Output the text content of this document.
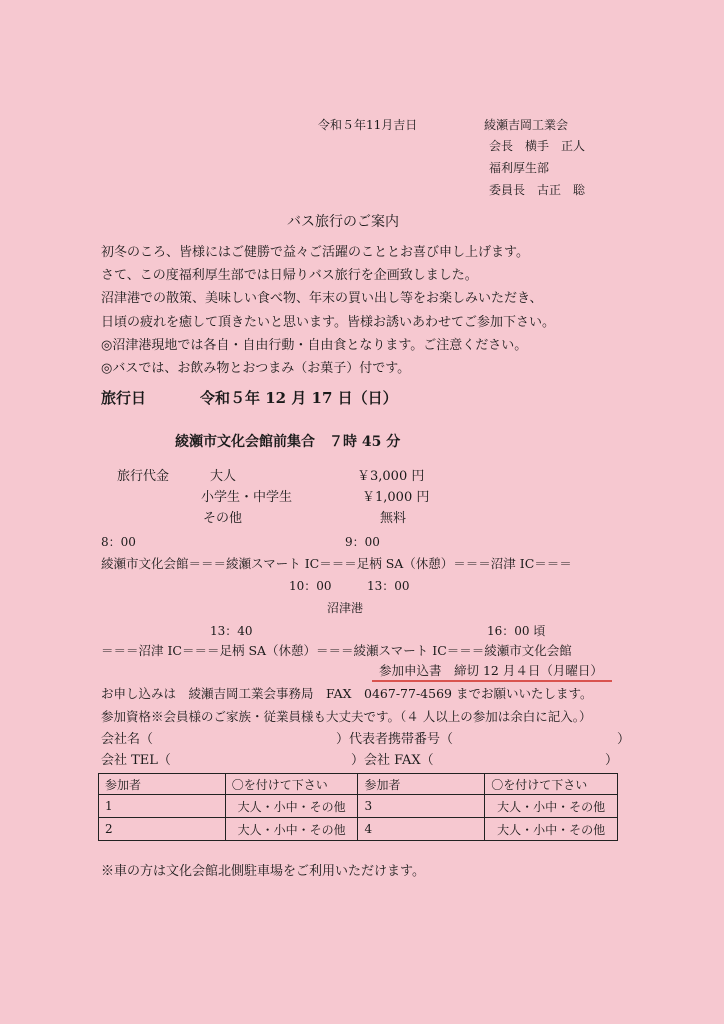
令和５年11月吉日	綾瀬吉岡工業会
会長　横手　正人
福利厚生部
委員長　古正　聡
バス旅行のご案内
初冬のころ、皆様にはご健勝で益々ご活躍のこととお喜び申し上げます。
さて、この度福利厚生部では日帰りバス旅行を企画致しました。
沼津港での散策、美味しい食べ物、年末の買い出し等をお楽しみいただき、
日頃の疲れを癒して頂きたいと思います。皆様お誘いあわせてご参加下さい。
◎沼津港現地では各自・自由行動・自由食となります。ご注意ください。
◎バスでは、お飲み物とおつまみ（お菓子）付です。
旅行日	令和５年 12 月 17 日（日）
綾瀬市文化会館前集合　７時 45 分
旅行代金	大人	￥3,000 円
小学生・中学生	￥1,000 円
その他	無料
8：00	9：00
綾瀬市文化会館＝＝＝綾瀬スマート IC＝＝＝足柄 SA（休憩）＝＝＝沼津 IC＝＝＝
10：00	13：00
沼津港
13：40	16：00 頃
＝＝＝沼津 IC＝＝＝足柄 SA（休憩）＝＝＝綾瀬スマート IC＝＝＝綾瀬市文化会館
参加申込書　締切 12 月４日（月曜日）
お申し込みは　綾瀬吉岡工業会事務局　FAX　0467-77-4569 までお願いいたします。
参加資格※会員様のご家族・従業員様も大丈夫です。（４ 人以上の参加は余白に記入。）
会社名（	）代表者携帯番号（	）
会社 TEL（	）会社 FAX（	）
参加者	〇を付けて下さい	参加者	〇を付けて下さい
1	大人・小中・その他	3	大人・小中・その他
2	大人・小中・その他	4	大人・小中・その他
※車の方は文化会館北側駐車場をご利用いただけます。
